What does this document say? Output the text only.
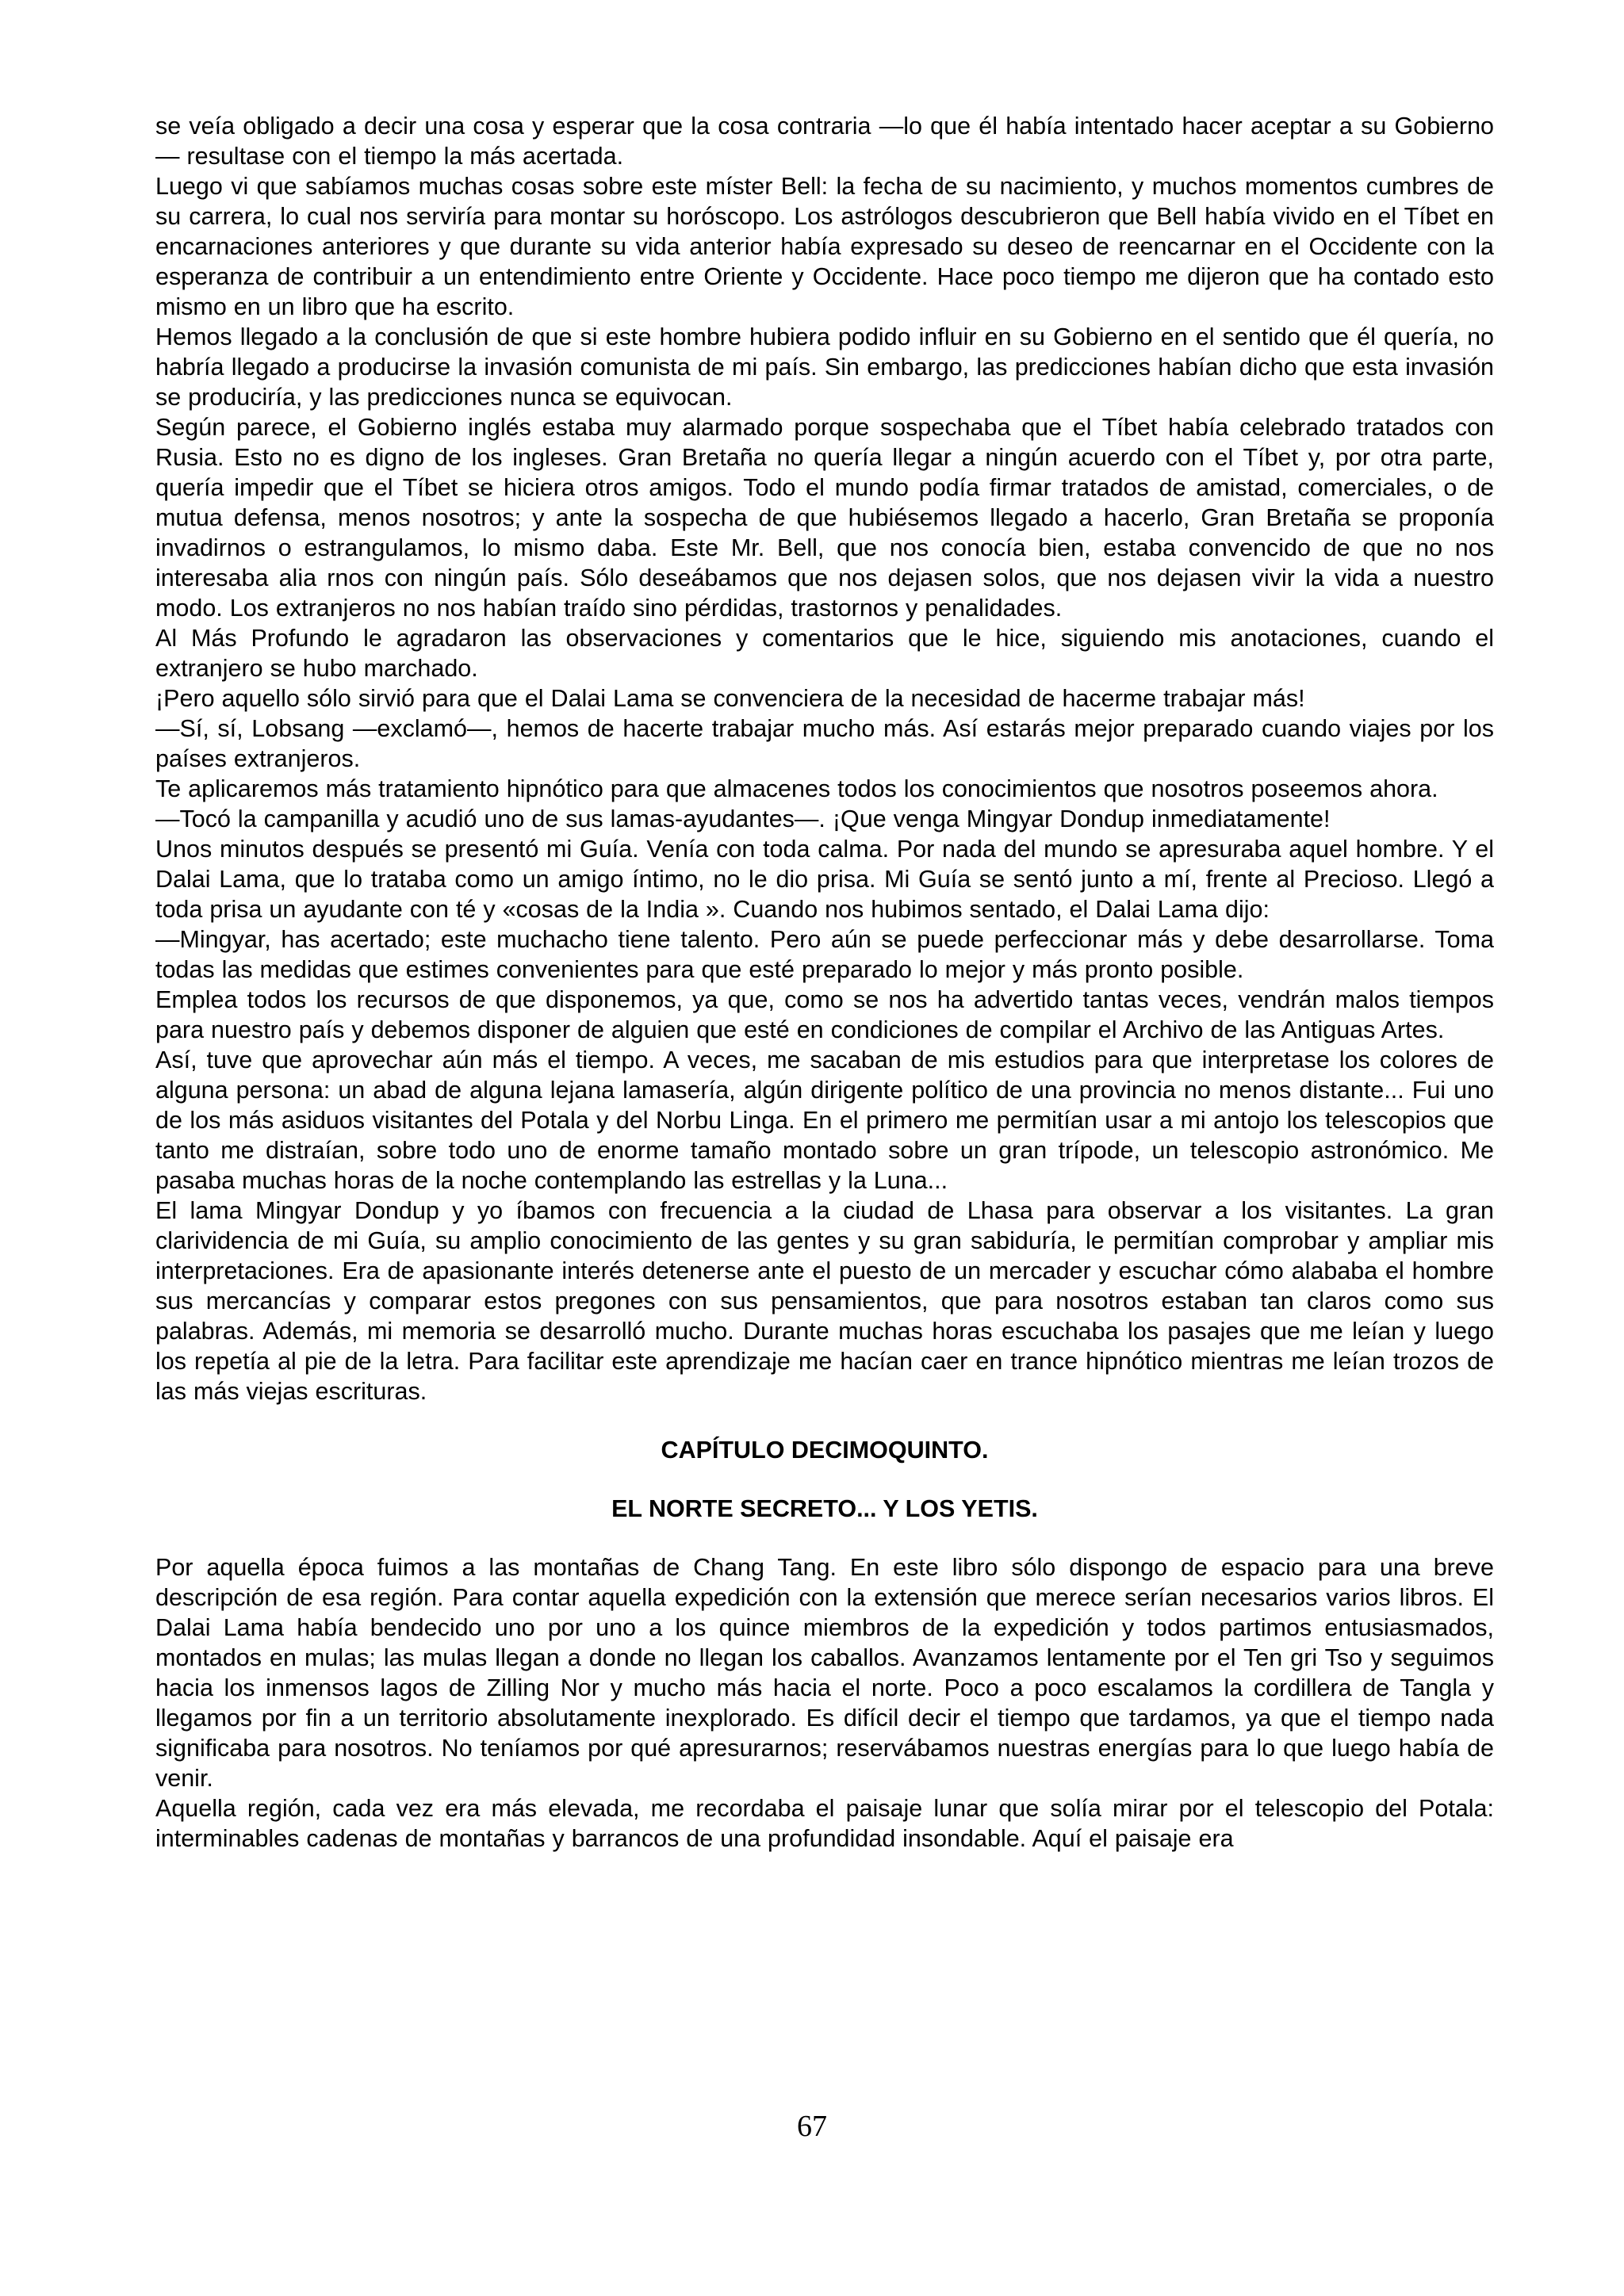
se veía obligado a decir una cosa y esperar que la cosa contraria —lo que él había intentado hacer aceptar a su Gobierno— resultase con el tiempo la más acertada.

Luego vi que sabíamos muchas cosas sobre este míster Bell: la fecha de su nacimiento, y muchos momentos cumbres de su carrera, lo cual nos serviría para montar su horóscopo. Los astrólogos descubrieron que Bell había vivido en el Tíbet en encarnaciones anteriores y que durante su vida anterior había expresado su deseo de reencarnar en el Occidente con la esperanza de contribuir a un entendimiento entre Oriente y Occidente. Hace poco tiempo me dijeron que ha contado esto mismo en un libro que ha escrito.

Hemos llegado a la conclusión de que si este hombre hubiera podido influir en su Gobierno en el sentido que él quería, no habría llegado a producirse la invasión comunista de mi país. Sin embargo, las predicciones habían dicho que esta invasión se produciría, y las predicciones nunca se equivocan.

Según parece, el Gobierno inglés estaba muy alarmado porque sospechaba que el Tíbet había celebrado tratados con Rusia. Esto no es digno de los ingleses. Gran Bretaña no quería llegar a ningún acuerdo con el Tíbet y, por otra parte, quería impedir que el Tíbet se hiciera otros amigos. Todo el mundo podía firmar tratados de amistad, comerciales, o de mutua defensa, menos nosotros; y ante la sospecha de que hubiésemos llegado a hacerlo, Gran Bretaña se proponía invadirnos o estrangulamos, lo mismo daba. Este Mr. Bell, que nos conocía bien, estaba convencido de que no nos interesaba alia rnos con ningún país. Sólo deseábamos que nos dejasen solos, que nos dejasen vivir la vida a nuestro modo. Los extranjeros no nos habían traído sino pérdidas, trastornos y penalidades.

Al Más Profundo le agradaron las observaciones y comentarios que le hice, siguiendo mis anotaciones, cuando el extranjero se hubo marchado.

¡Pero aquello sólo sirvió para que el Dalai Lama se convenciera de la necesidad de hacerme trabajar más!

—Sí, sí, Lobsang —exclamó—, hemos de hacerte trabajar mucho más. Así estarás mejor preparado cuando viajes por los países extranjeros.

Te aplicaremos más tratamiento hipnótico para que almacenes todos los conocimientos que nosotros poseemos ahora.

—Tocó la campanilla y acudió uno de sus lamas-ayudantes—. ¡Que venga Mingyar Dondup inmediatamente!

Unos minutos después se presentó mi Guía. Venía con toda calma. Por nada del mundo se apresuraba aquel hombre. Y el Dalai Lama, que lo trataba como un amigo íntimo, no le dio prisa. Mi Guía se sentó junto a mí, frente al Precioso. Llegó a toda prisa un ayudante con té y «cosas de la India ». Cuando nos hubimos sentado, el Dalai Lama dijo:

—Mingyar, has acertado; este muchacho tiene talento. Pero aún se puede perfeccionar más y debe desarrollarse. Toma todas las medidas que estimes convenientes para que esté preparado lo mejor y más pronto posible.

Emplea todos los recursos de que disponemos, ya que, como se nos ha advertido tantas veces, vendrán malos tiempos para nuestro país y debemos disponer de alguien que esté en condiciones de compilar el Archivo de las Antiguas Artes.

Así, tuve que aprovechar aún más el tiempo. A veces, me sacaban de mis estudios para que interpretase los colores de alguna persona: un abad de alguna lejana lamasería, algún dirigente político de una provincia no menos distante... Fui uno de los más asiduos visitantes del Potala y del Norbu Linga. En el primero me permitían usar a mi antojo los telescopios que tanto me distraían, sobre todo uno de enorme tamaño montado sobre un gran trípode, un telescopio astronómico. Me pasaba muchas horas de la noche contemplando las estrellas y la Luna...

El lama Mingyar Dondup y yo íbamos con frecuencia a la ciudad de Lhasa para observar a los visitantes. La gran clarividencia de mi Guía, su amplio conocimiento de las gentes y su gran sabiduría, le permitían comprobar y ampliar mis interpretaciones. Era de apasionante interés detenerse ante el puesto de un mercader y escuchar cómo alababa el hombre sus mercancías y comparar estos pregones con sus pensamientos, que para nosotros estaban tan claros como sus palabras. Además, mi memoria se desarrolló mucho. Durante muchas horas escuchaba los pasajes que me leían y luego los repetía al pie de la letra. Para facilitar este aprendizaje me hacían caer en trance hipnótico mientras me leían trozos de las más viejas escrituras.

CAPÍTULO DECIMOQUINTO.
EL NORTE SECRETO... Y LOS YETIS.

Por aquella época fuimos a las montañas de Chang Tang. En este libro sólo dispongo de espacio para una breve descripción de esa región. Para contar aquella expedición con la extensión que merece serían necesarios varios libros. El Dalai Lama había bendecido uno por uno a los quince miembros de la expedición y todos partimos entusiasmados, montados en mulas; las mulas llegan a donde no llegan los caballos. Avanzamos lentamente por el Ten gri Tso y seguimos hacia los inmensos lagos de Zilling Nor y mucho más hacia el norte. Poco a poco escalamos la cordillera de Tangla y llegamos por fin a un territorio absolutamente inexplorado. Es difícil decir el tiempo que tardamos, ya que el tiempo nada significaba para nosotros. No teníamos por qué apresurarnos; reservábamos nuestras energías para lo que luego había de venir.

Aquella región, cada vez era más elevada, me recordaba el paisaje lunar que solía mirar por el telescopio del Potala: interminables cadenas de montañas y barrancos de una profundidad insondable. Aquí el paisaje era

67
